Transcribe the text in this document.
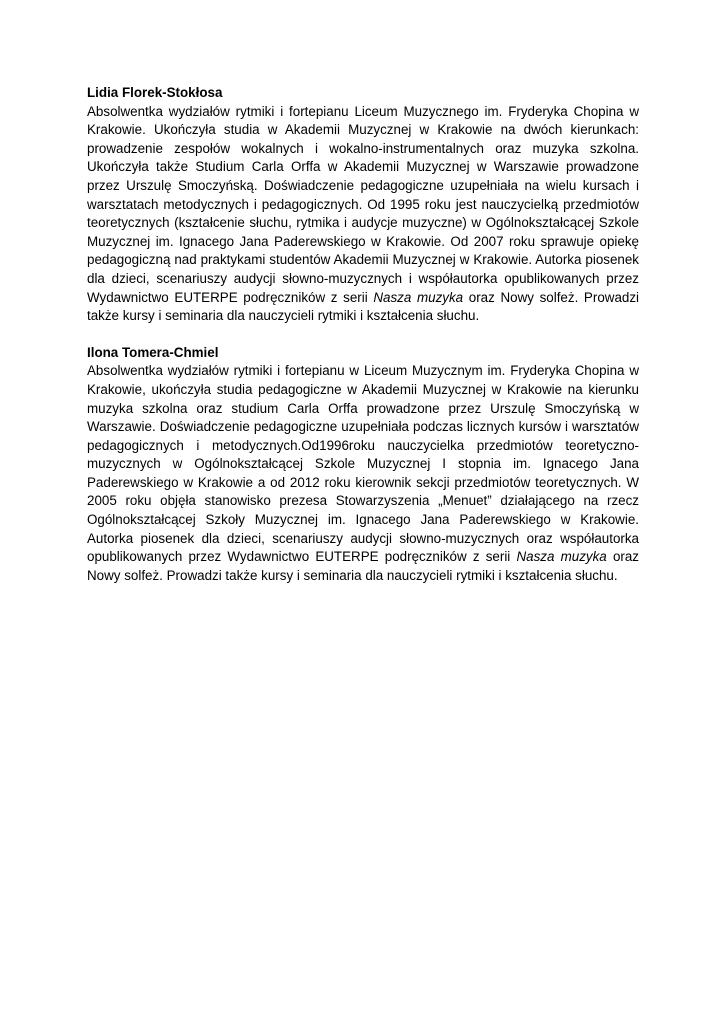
Lidia Florek-Stokłosa

Absolwentka wydziałów rytmiki i fortepianu Liceum Muzycznego im. Fryderyka Chopina w Krakowie. Ukończyła studia w Akademii Muzycznej w Krakowie na dwóch kierunkach: prowadzenie zespołów wokalnych i wokalno-instrumentalnych oraz muzyka szkolna. Ukończyła także Studium Carla Orffa w Akademii Muzycznej w Warszawie prowadzone przez Urszulę Smoczyńską. Doświadczenie pedagogiczne uzupełniała na wielu kursach i warsztatach metodycznych i pedagogicznych. Od 1995 roku jest nauczycielką przedmiotów teoretycznych (kształcenie słuchu, rytmika i audycje muzyczne) w Ogólnokształcącej Szkole Muzycznej im. Ignacego Jana Paderewskiego w Krakowie. Od 2007 roku sprawuje opiekę pedagogiczną nad praktykami studentów Akademii Muzycznej w Krakowie. Autorka piosenek dla dzieci, scenariuszy audycji słowno-muzycznych i współautorka opublikowanych przez Wydawnictwo EUTERPE podręczników z serii Nasza muzyka oraz Nowy solfeż. Prowadzi także kursy i seminaria dla nauczycieli rytmiki i kształcenia słuchu.

Ilona Tomera-Chmiel

Absolwentka wydziałów rytmiki i fortepianu w Liceum Muzycznym im. Fryderyka Chopina w Krakowie, ukończyła studia pedagogiczne w Akademii Muzycznej w Krakowie na kierunku muzyka szkolna oraz studium Carla Orffa prowadzone przez Urszulę Smoczyńską w Warszawie. Doświadczenie pedagogiczne uzupełniała podczas licznych kursów i warsztatów pedagogicznych i metodycznych.Od1996roku nauczycielka przedmiotów teoretyczno-muzycznych w Ogólnokształcącej Szkole Muzycznej I stopnia im. Ignacego Jana Paderewskiego w Krakowie a od 2012 roku kierownik sekcji przedmiotów teoretycznych. W 2005 roku objęła stanowisko prezesa Stowarzyszenia „Menuet” działającego na rzecz Ogólnokształcącej Szkoły Muzycznej im. Ignacego Jana Paderewskiego w Krakowie. Autorka piosenek dla dzieci, scenariuszy audycji słowno-muzycznych oraz współautorka opublikowanych przez Wydawnictwo EUTERPE podręczników z serii Nasza muzyka oraz Nowy solfeż. Prowadzi także kursy i seminaria dla nauczycieli rytmiki i kształcenia słuchu.
